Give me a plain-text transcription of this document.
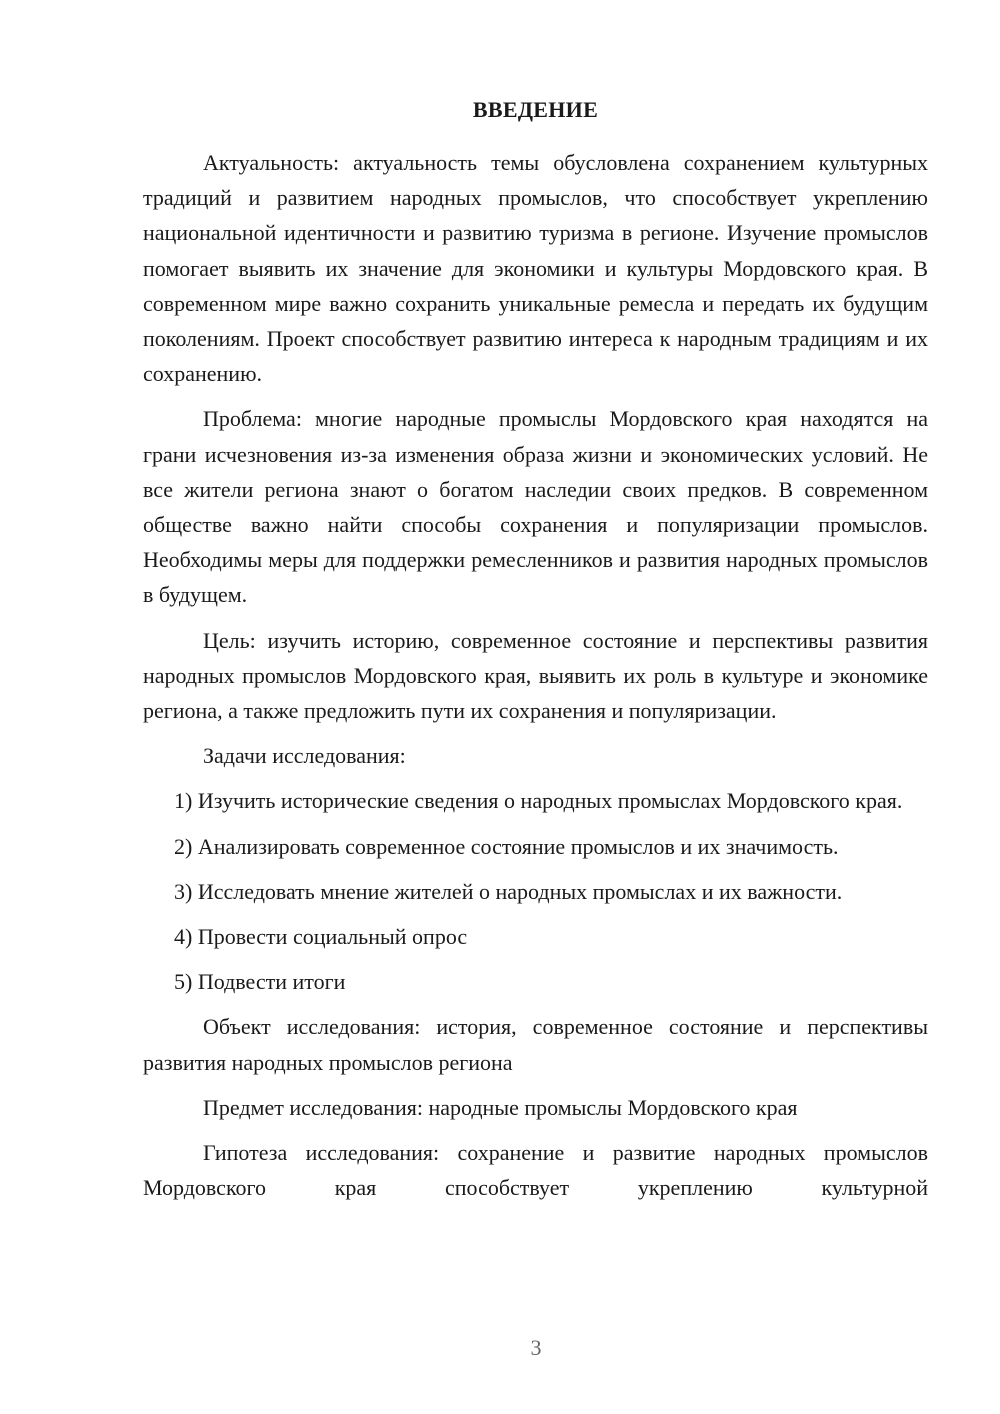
ВВЕДЕНИЕ

Актуальность: актуальность темы обусловлена сохранением культурных традиций и развитием народных промыслов, что способствует укреплению национальной идентичности и развитию туризма в регионе. Изучение промыслов помогает выявить их значение для экономики и культуры Мордовского края. В современном мире важно сохранить уникальные ремесла и передать их будущим поколениям. Проект способствует развитию интереса к народным традициям и их сохранению.

Проблема: многие народные промыслы Мордовского края находятся на грани исчезновения из-за изменения образа жизни и экономических условий. Не все жители региона знают о богатом наследии своих предков. В современном обществе важно найти способы сохранения и популяризации промыслов. Необходимы меры для поддержки ремесленников и развития народных промыслов в будущем.

Цель: изучить историю, современное состояние и перспективы развития народных промыслов Мордовского края, выявить их роль в культуре и экономике региона, а также предложить пути их сохранения и популяризации.

Задачи исследования:

1) Изучить исторические сведения о народных промыслах Мордовского края.

2) Анализировать современное состояние промыслов и их значимость.

3) Исследовать мнение жителей о народных промыслах и их важности.

4) Провести социальный опрос

5) Подвести итоги

Объект исследования: история, современное состояние и перспективы развития народных промыслов региона

Предмет исследования: народные промыслы Мордовского края

Гипотеза исследования: сохранение и развитие народных промыслов Мордовского края способствует укреплению культурной

3
